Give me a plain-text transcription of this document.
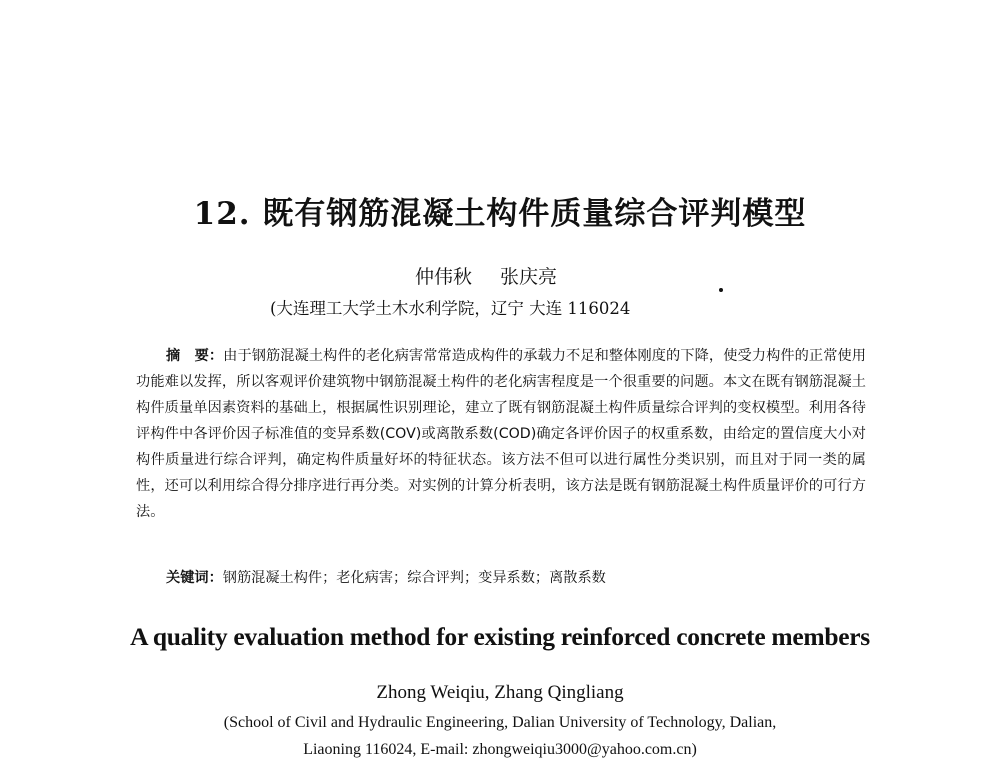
12. 既有钢筋混凝土构件质量综合评判模型
仲伟秋 张庆亮
(大连理工大学土木水利学院，辽宁 大连 116024

摘　要：由于钢筋混凝土构件的老化病害常常造成构件的承载力不足和整体刚度的下降，使受力构件的正常使用功能难以发挥，所以客观评价建筑物中钢筋混凝土构件的老化病害程度是一个很重要的问题。本文在既有钢筋混凝土构件质量单因素资料的基础上，根据属性识别理论，建立了既有钢筋混凝土构件质量综合评判的变权模型。利用各待评构件中各评价因子标准值的变异系数(COV)或离散系数(COD)确定各评价因子的权重系数，由给定的置信度大小对构件质量进行综合评判，确定构件质量好坏的特征状态。该方法不但可以进行属性分类识别，而且对于同一类的属性，还可以利用综合得分排序进行再分类。对实例的计算分析表明，该方法是既有钢筋混凝土构件质量评价的可行方法。

关键词：钢筋混凝土构件；老化病害；综合评判；变异系数；离散系数
A quality evaluation method for existing reinforced concrete members
Zhong Weiqiu, Zhang Qingliang
(School of Civil and Hydraulic Engineering, Dalian University of Technology, Dalian,
Liaoning 116024, E-mail: zhongweiqiu3000@yahoo.com.cn)
